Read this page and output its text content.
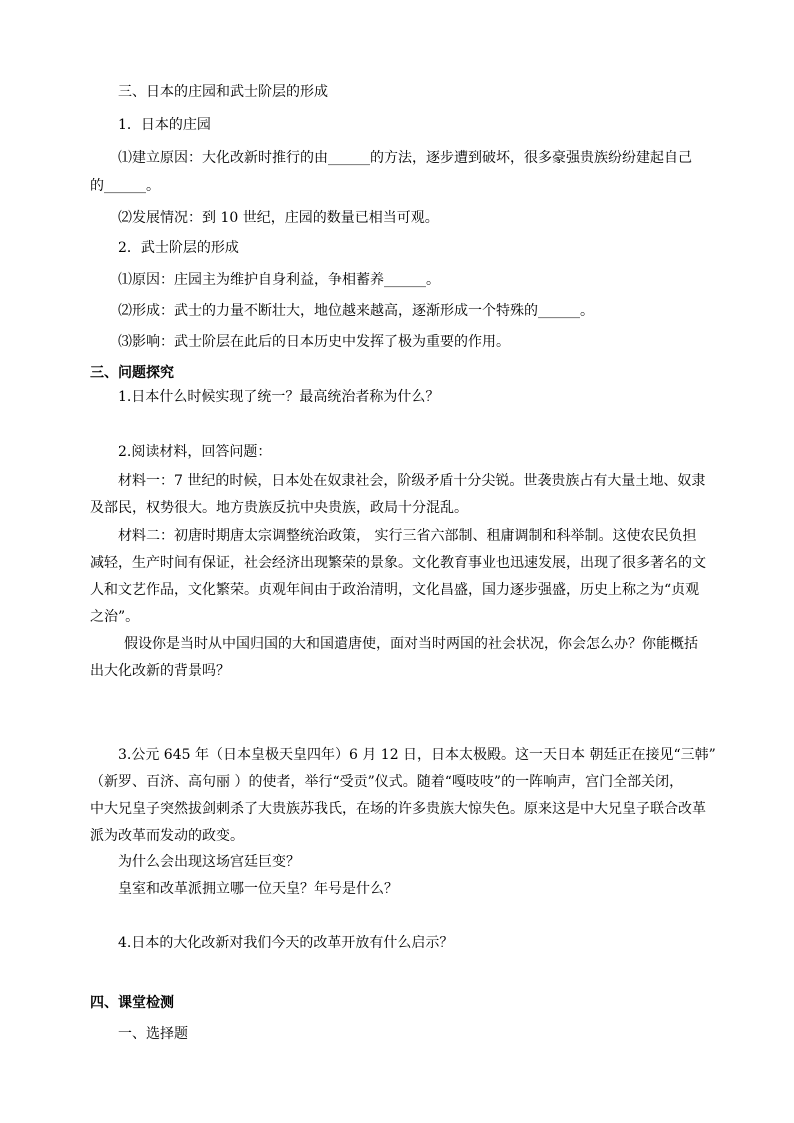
三、日本的庄园和武士阶层的形成
1．日本的庄园
⑴建立原因：大化改新时推行的由______的方法，逐步遭到破坏，很多豪强贵族纷纷建起自己
的______。
⑵发展情况：到 10 世纪，庄园的数量已相当可观。
2．武士阶层的形成
⑴原因：庄园主为维护自身利益，争相蓄养______。
⑵形成：武士的力量不断壮大，地位越来越高，逐渐形成一个特殊的______。
⑶影响：武士阶层在此后的日本历史中发挥了极为重要的作用。
三、问题探究
1.日本什么时候实现了统一？最高统治者称为什么？
2.阅读材料，回答问题：
材料一：7 世纪的时候，日本处在奴隶社会，阶级矛盾十分尖锐。世袭贵族占有大量土地、奴隶
及部民，权势很大。地方贵族反抗中央贵族，政局十分混乱。
材料二：初唐时期唐太宗调整统治政策， 实行三省六部制、租庸调制和科举制。这使农民负担
减轻，生产时间有保证，社会经济出现繁荣的景象。文化教育事业也迅速发展，出现了很多著名的文
人和文艺作品，文化繁荣。贞观年间由于政治清明，文化昌盛，国力逐步强盛，历史上称之为“贞观
之治”。
假设你是当时从中国归国的大和国遣唐使，面对当时两国的社会状况，你会怎么办？你能概括
出大化改新的背景吗？
3.公元 645 年（日本皇极天皇四年）6 月 12 日，日本太极殿。这一天日本 朝廷正在接见“三韩”
（新罗、百济、高句丽 ）的使者，举行“受贡”仪式。随着“嘎吱吱”的一阵响声，宫门全部关闭，
中大兄皇子突然拔剑刺杀了大贵族苏我氏，在场的许多贵族大惊失色。原来这是中大兄皇子联合改革
派为改革而发动的政变。
为什么会出现这场宫廷巨变？
皇室和改革派拥立哪一位天皇？年号是什么？
4.日本的大化改新对我们今天的改革开放有什么启示？
四、课堂检测
一、选择题
